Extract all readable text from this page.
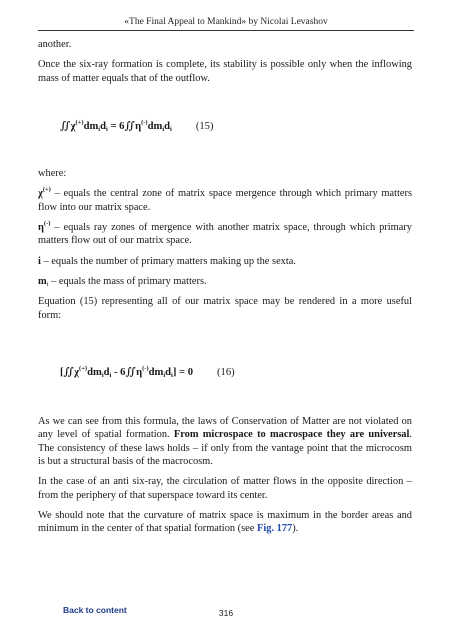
«The Final Appeal to Mankind» by Nicolai Levashov

another.

Once the six-ray formation is complete, its stability is possible only when the inflowing mass of matter equals that of the outflow.

$∬\chi^{(+)}dm_id_i$ = $6∬\eta^{(-)}dm_id_i$ (15)

where:

χ(+) – equals the central zone of matrix space mergence through which primary matters flow into our matrix space.

η(-) – equals ray zones of mergence with another matrix space, through which primary matters flow out of our matrix space.

i – equals the number of primary matters making up the sexta.

$m_i$ – equals the mass of primary matters.

Equation (15) representing all of our matrix space may be rendered in a more useful form:

[$∬\chi^{(+)}dm_id_i$ - $6∬\eta^{(-)}dm_id_i] = 0$ (16)

As we can see from this formula, the laws of Conservation of Matter are not violated on any level of spatial formation. From microspace to macrospace they are universal. The consistency of these laws holds – if only from the vantage point that the microcosm is but a structural basis of the macrocosm.

In the case of an anti six-ray, the circulation of matter flows in the opposite direction – from the periphery of that superspace toward its center.

We should note that the curvature of matrix space is maximum in the border areas and minimum in the center of that spatial formation (see Fig. 177).

Back to content	316
